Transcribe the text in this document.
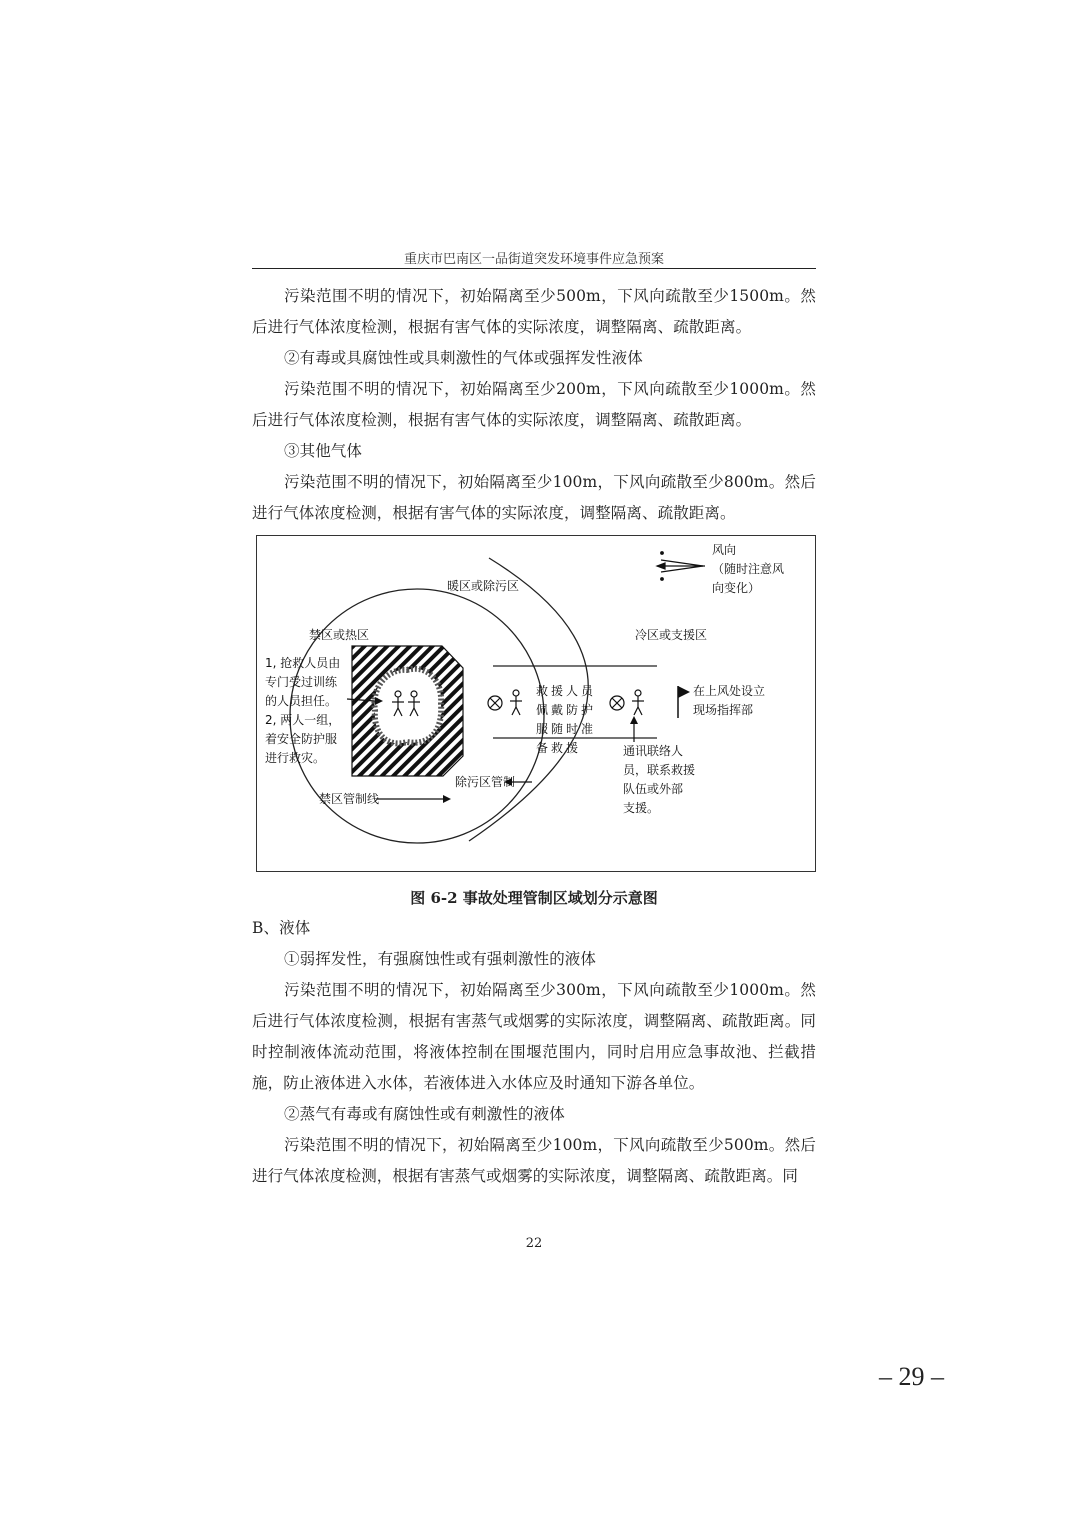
重庆市巴南区一品街道突发环境事件应急预案
污染范围不明的情况下，初始隔离至少500m，下风向疏散至少1500m。然后进行气体浓度检测，根据有害气体的实际浓度，调整隔离、疏散距离。
②有毒或具腐蚀性或具刺激性的气体或强挥发性液体
污染范围不明的情况下，初始隔离至少200m，下风向疏散至少1000m。然后进行气体浓度检测，根据有害气体的实际浓度，调整隔离、疏散距离。
③其他气体
污染范围不明的情况下，初始隔离至少100m，下风向疏散至少800m。然后进行气体浓度检测，根据有害气体的实际浓度，调整隔离、疏散距离。
风向
（随时注意风
向变化）
暖区或除污区
禁区或热区	冷区或支援区
1, 抢救人员由
专门受过训练
的人员担任。
2, 两人一组，
着安全防护服
进行救灾。
救援人员
佩戴防护
服随时准
备救援
在上风处设立
现场指挥部
通讯联络人
员，联系救援
队伍或外部
支援。
除污区管制
禁区管制线
图 6-2 事故处理管制区域划分示意图
B、液体
①弱挥发性，有强腐蚀性或有强刺激性的液体
污染范围不明的情况下，初始隔离至少300m，下风向疏散至少1000m。然后进行气体浓度检测，根据有害蒸气或烟雾的实际浓度，调整隔离、疏散距离。同时控制液体流动范围，将液体控制在围堰范围内，同时启用应急事故池、拦截措施，防止液体进入水体，若液体进入水体应及时通知下游各单位。
②蒸气有毒或有腐蚀性或有刺激性的液体
污染范围不明的情况下，初始隔离至少100m，下风向疏散至少500m。然后进行气体浓度检测，根据有害蒸气或烟雾的实际浓度，调整隔离、疏散距离。同
22
– 29 –
